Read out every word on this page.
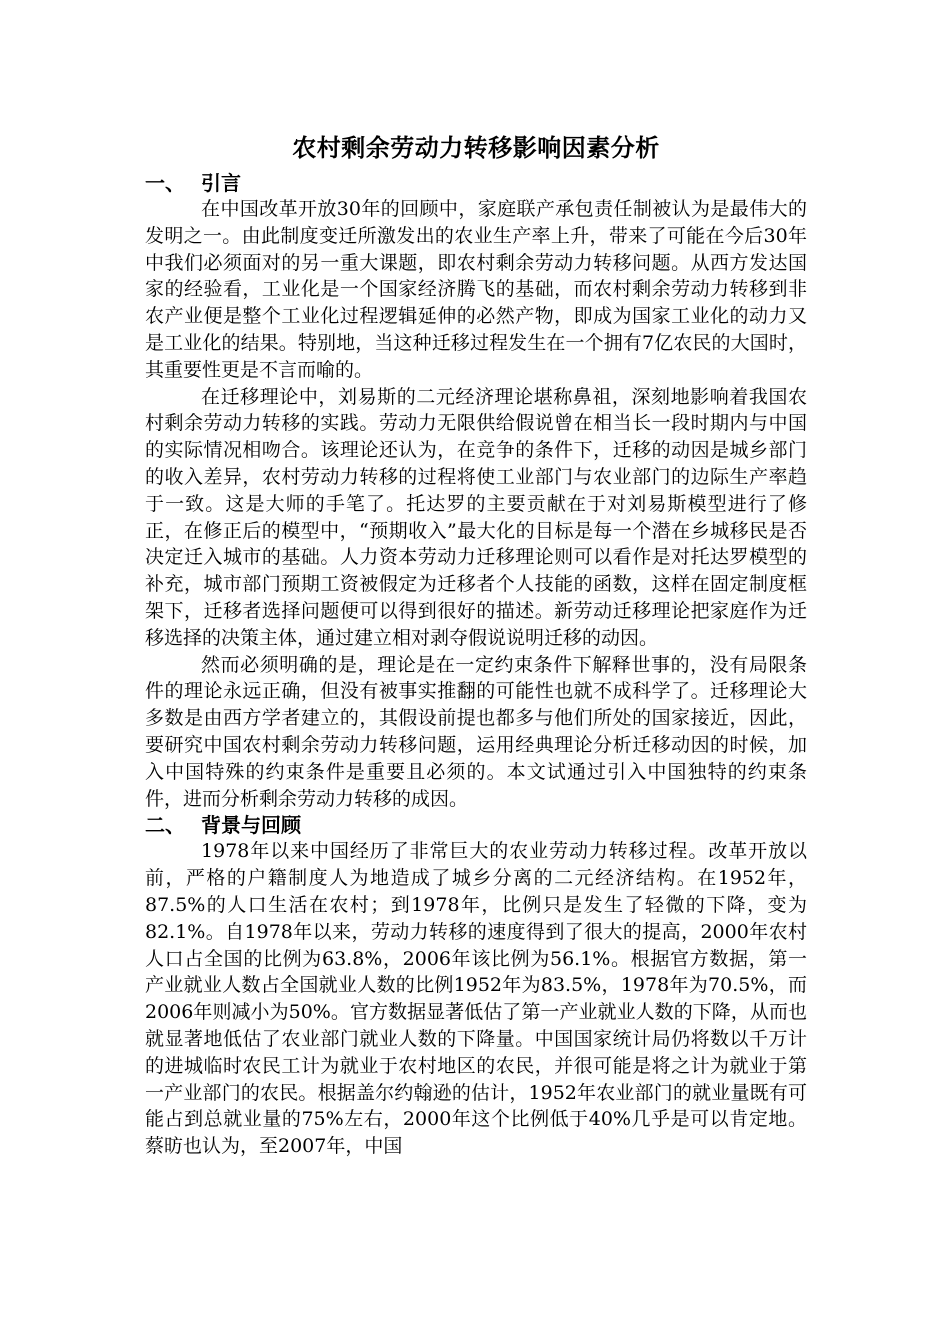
农村剩余劳动力转移影响因素分析
一、 引言

在中国改革开放30年的回顾中，家庭联产承包责任制被认为是最伟大的发明之一。由此制度变迁所激发出的农业生产率上升，带来了可能在今后30年中我们必须面对的另一重大课题，即农村剩余劳动力转移问题。从西方发达国家的经验看，工业化是一个国家经济腾飞的基础，而农村剩余劳动力转移到非农产业便是整个工业化过程逻辑延伸的必然产物，即成为国家工业化的动力又是工业化的结果。特别地，当这种迁移过程发生在一个拥有7亿农民的大国时，其重要性更是不言而喻的。

在迁移理论中，刘易斯的二元经济理论堪称鼻祖，深刻地影响着我国农村剩余劳动力转移的实践。劳动力无限供给假说曾在相当长一段时期内与中国的实际情况相吻合。该理论还认为，在竞争的条件下，迁移的动因是城乡部门的收入差异，农村劳动力转移的过程将使工业部门与农业部门的边际生产率趋于一致。这是大师的手笔了。托达罗的主要贡献在于对刘易斯模型进行了修正，在修正后的模型中，“预期收入”最大化的目标是每一个潜在乡城移民是否决定迁入城市的基础。人力资本劳动力迁移理论则可以看作是对托达罗模型的补充，城市部门预期工资被假定为迁移者个人技能的函数，这样在固定制度框架下，迁移者选择问题便可以得到很好的描述。新劳动迁移理论把家庭作为迁移选择的决策主体，通过建立相对剥夺假说说明迁移的动因。

然而必须明确的是，理论是在一定约束条件下解释世事的，没有局限条件的理论永远正确，但没有被事实推翻的可能性也就不成科学了。迁移理论大多数是由西方学者建立的，其假设前提也都多与他们所处的国家接近，因此，要研究中国农村剩余劳动力转移问题，运用经典理论分析迁移动因的时候，加入中国特殊的约束条件是重要且必须的。本文试通过引入中国独特的约束条件，进而分析剩余劳动力转移的成因。

二、 背景与回顾

1978年以来中国经历了非常巨大的农业劳动力转移过程。改革开放以前，严格的户籍制度人为地造成了城乡分离的二元经济结构。在1952年，87.5%的人口生活在农村；到1978年，比例只是发生了轻微的下降，变为82.1%。自1978年以来，劳动力转移的速度得到了很大的提高，2000年农村人口占全国的比例为63.8%，2006年该比例为56.1%。根据官方数据，第一产业就业人数占全国就业人数的比例1952年为83.5%，1978年为70.5%，而2006年则减小为50%。官方数据显著低估了第一产业就业人数的下降，从而也就显著地低估了农业部门就业人数的下降量。中国国家统计局仍将数以千万计的进城临时农民工计为就业于农村地区的农民，并很可能是将之计为就业于第一产业部门的农民。根据盖尔约翰逊的估计，1952年农业部门的就业量既有可能占到总就业量的75%左右，2000年这个比例低于40%几乎是可以肯定地。蔡昉也认为，至2007年，中国
